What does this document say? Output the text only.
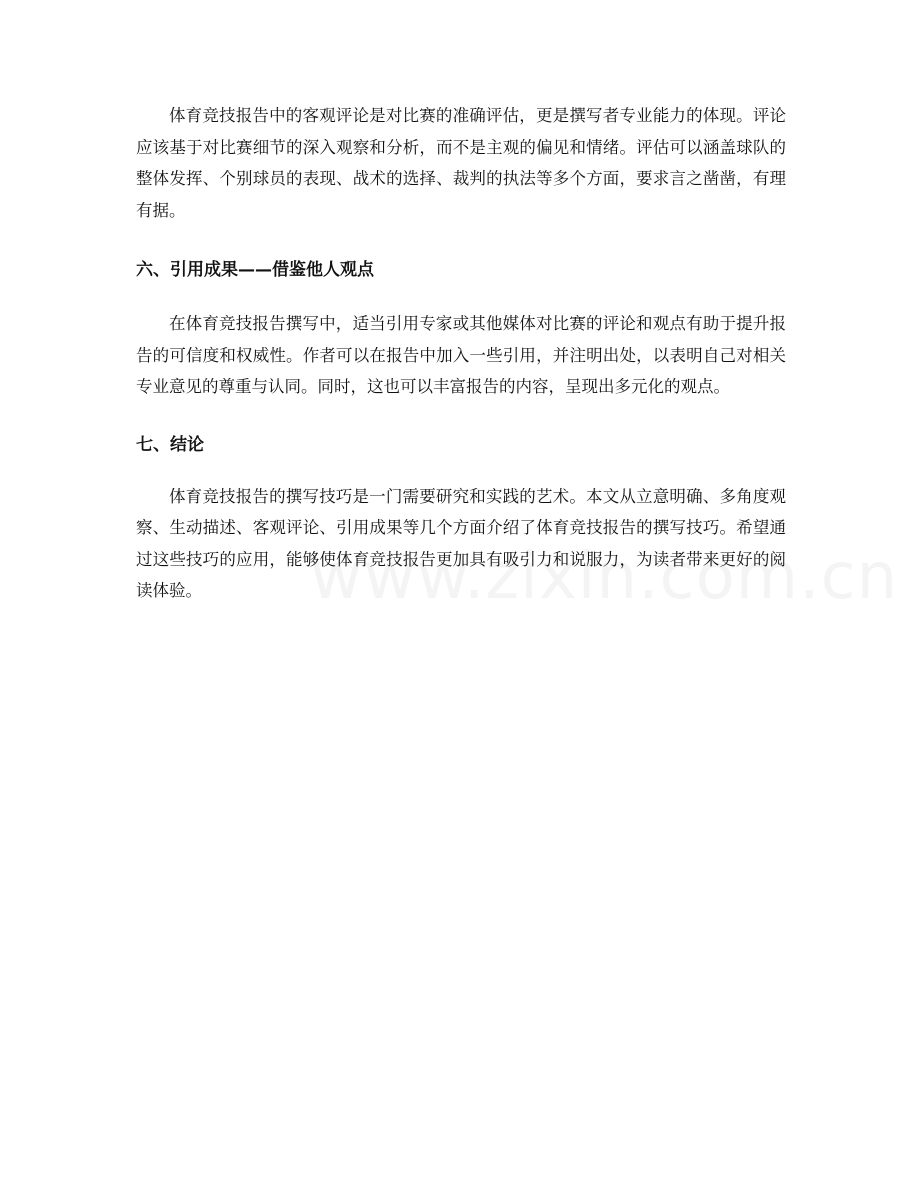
体育竞技报告中的客观评论是对比赛的准确评估，更是撰写者专业能力的体现。评论应该基于对比赛细节的深入观察和分析，而不是主观的偏见和情绪。评估可以涵盖球队的整体发挥、个别球员的表现、战术的选择、裁判的执法等多个方面，要求言之凿凿，有理有据。

六、引用成果——借鉴他人观点

在体育竞技报告撰写中，适当引用专家或其他媒体对比赛的评论和观点有助于提升报告的可信度和权威性。作者可以在报告中加入一些引用，并注明出处，以表明自己对相关专业意见的尊重与认同。同时，这也可以丰富报告的内容，呈现出多元化的观点。

七、结论

体育竞技报告的撰写技巧是一门需要研究和实践的艺术。本文从立意明确、多角度观察、生动描述、客观评论、引用成果等几个方面介绍了体育竞技报告的撰写技巧。希望通过这些技巧的应用，能够使体育竞技报告更加具有吸引力和说服力，为读者带来更好的阅读体验。
